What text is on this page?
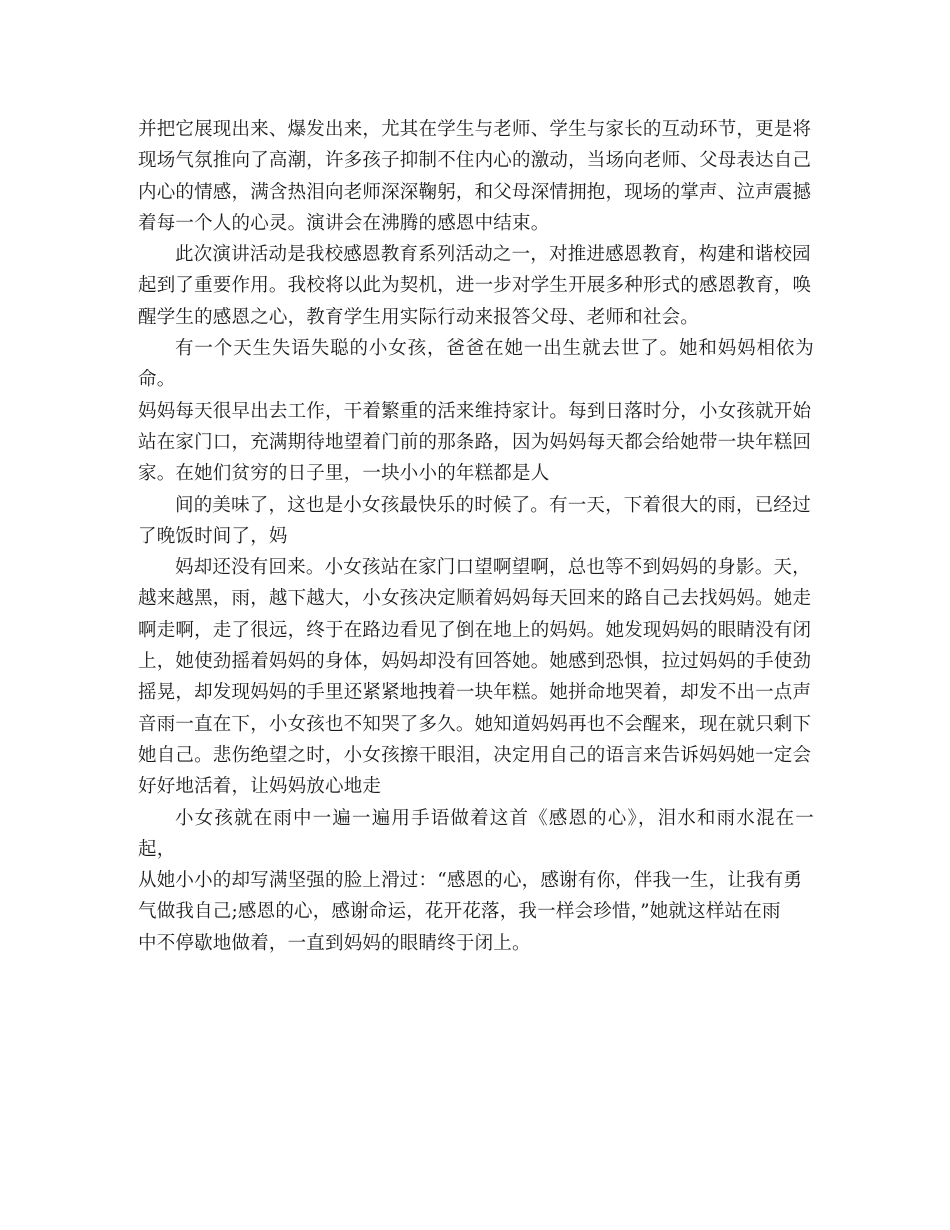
并把它展现出来、爆发出来，尤其在学生与老师、学生与家长的互动环节，更是将
现场气氛推向了高潮，许多孩子抑制不住内心的激动，当场向老师、父母表达自己
内心的情感，满含热泪向老师深深鞠躬，和父母深情拥抱，现场的掌声、泣声震撼
着每一个人的心灵。演讲会在沸腾的感恩中结束。

此次演讲活动是我校感恩教育系列活动之一，对推进感恩教育，构建和谐校园
起到了重要作用。我校将以此为契机，进一步对学生开展多种形式的感恩教育，唤
醒学生的感恩之心，教育学生用实际行动来报答父母、老师和社会。

有一个天生失语失聪的小女孩，爸爸在她一出生就去世了。她和妈妈相依为命。
妈妈每天很早出去工作，干着繁重的活来维持家计。每到日落时分，小女孩就开始
站在家门口，充满期待地望着门前的那条路，因为妈妈每天都会给她带一块年糕回
家。在她们贫穷的日子里，一块小小的年糕都是人

间的美味了，这也是小女孩最快乐的时候了。有一天，下着很大的雨，已经过
了晚饭时间了，妈

妈却还没有回来。小女孩站在家门口望啊望啊，总也等不到妈妈的身影。天，
越来越黑，雨，越下越大，小女孩决定顺着妈妈每天回来的路自己去找妈妈。她走
啊走啊，走了很远，终于在路边看见了倒在地上的妈妈。她发现妈妈的眼睛没有闭
上，她使劲摇着妈妈的身体，妈妈却没有回答她。她感到恐惧，拉过妈妈的手使劲
摇晃，却发现妈妈的手里还紧紧地拽着一块年糕。她拼命地哭着，却发不出一点声
音雨一直在下，小女孩也不知哭了多久。她知道妈妈再也不会醒来，现在就只剩下
她自己。悲伤绝望之时，小女孩擦干眼泪，决定用自己的语言来告诉妈妈她一定会
好好地活着，让妈妈放心地走

小女孩就在雨中一遍一遍用手语做着这首《感恩的心》，泪水和雨水混在一起，
从她小小的却写满坚强的脸上滑过：“感恩的心，感谢有你，伴我一生，让我有勇
气做我自己;感恩的心，感谢命运，花开花落，我一样会珍惜，”她就这样站在雨
中不停歇地做着，一直到妈妈的眼睛终于闭上。
